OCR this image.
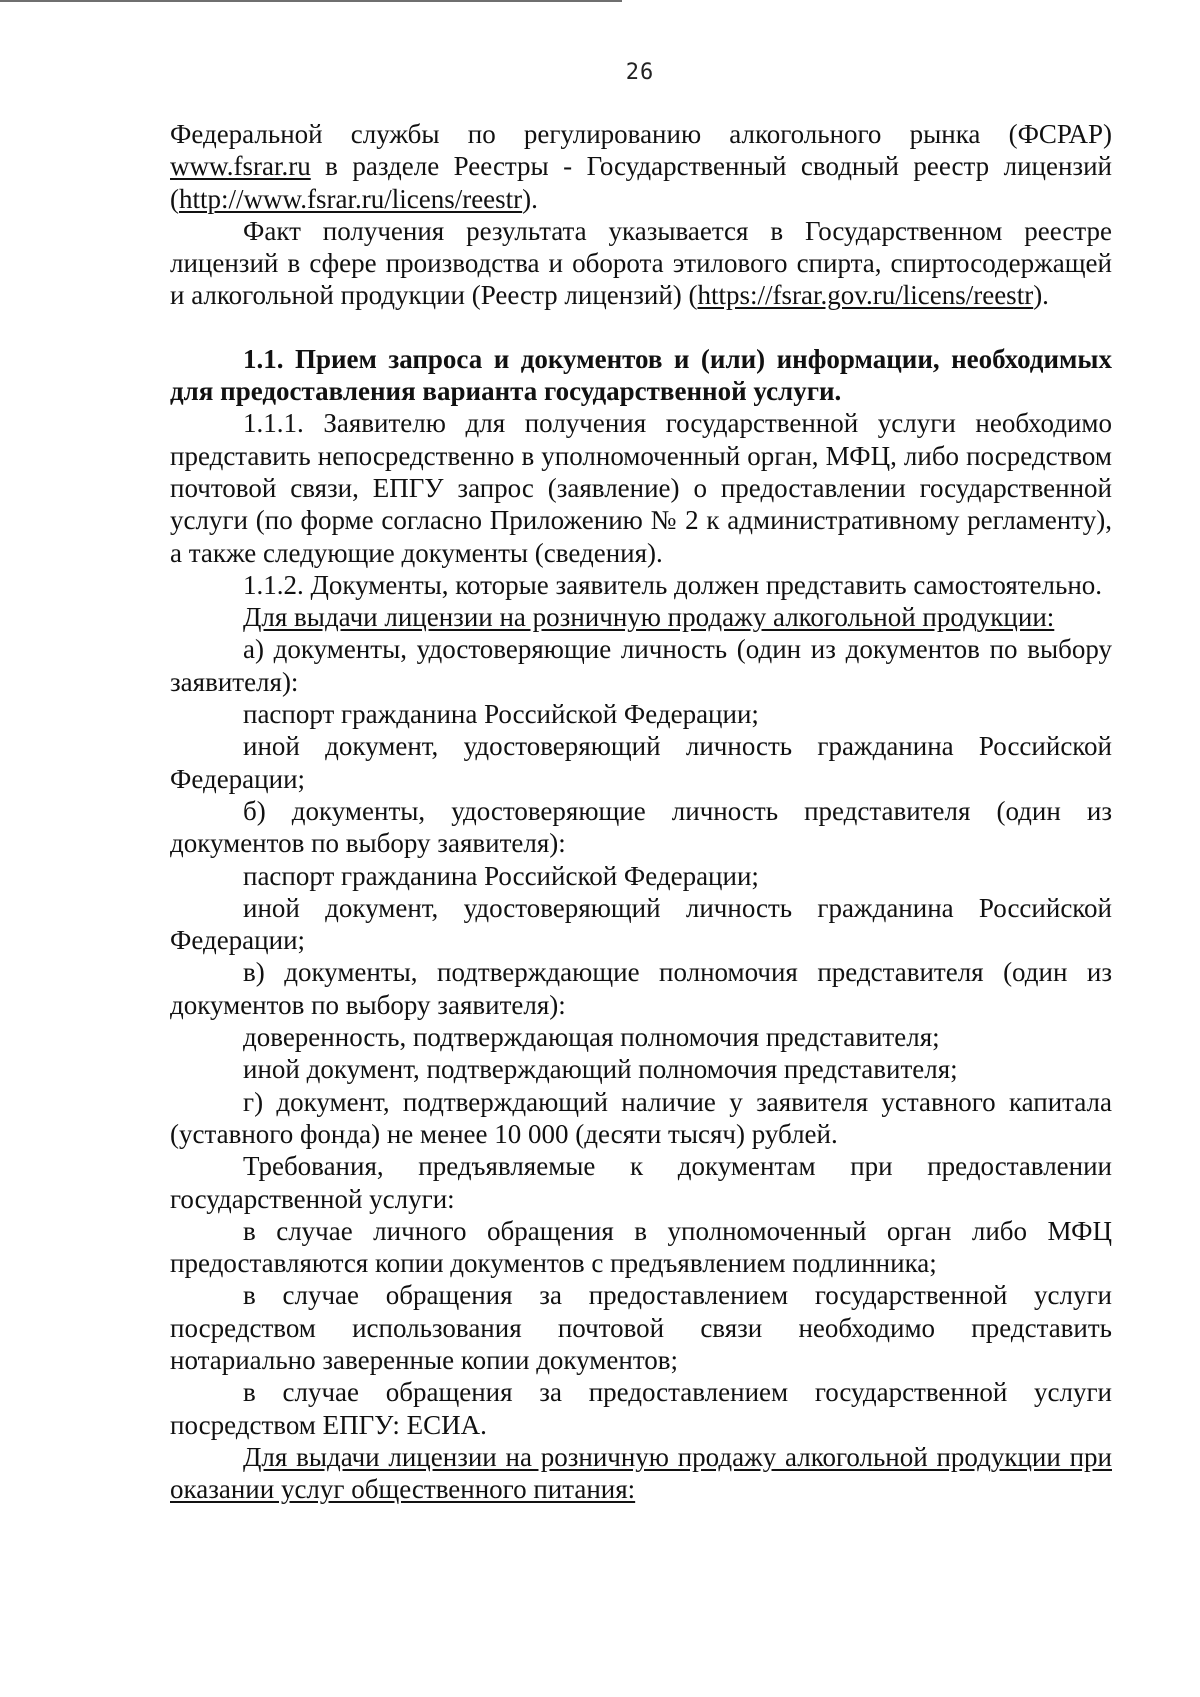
26

Федеральной службы по регулированию алкогольного рынка (ФСРАР) www.fsrar.ru в разделе Реестры - Государственный сводный реестр лицензий (http://www.fsrar.ru/licens/reestr).

Факт получения результата указывается в Государственном реестре лицензий в сфере производства и оборота этилового спирта, спиртосодержащей и алкогольной продукции (Реестр лицензий) (https://fsrar.gov.ru/licens/reestr).

1.1. Прием запроса и документов и (или) информации, необходимых для предоставления варианта государственной услуги.

1.1.1. Заявителю для получения государственной услуги необходимо представить непосредственно в уполномоченный орган, МФЦ, либо посредством почтовой связи, ЕПГУ запрос (заявление) о предоставлении государственной услуги (по форме согласно Приложению № 2 к административному регламенту), а также следующие документы (сведения).

1.1.2. Документы, которые заявитель должен представить самостоятельно.

Для выдачи лицензии на розничную продажу алкогольной продукции:

а) документы, удостоверяющие личность (один из документов по выбору заявителя):

паспорт гражданина Российской Федерации;

иной документ, удостоверяющий личность гражданина Российской Федерации;

б) документы, удостоверяющие личность представителя (один из документов по выбору заявителя):

паспорт гражданина Российской Федерации;

иной документ, удостоверяющий личность гражданина Российской Федерации;

в) документы, подтверждающие полномочия представителя (один из документов по выбору заявителя):

доверенность, подтверждающая полномочия представителя;

иной документ, подтверждающий полномочия представителя;

г) документ, подтверждающий наличие у заявителя уставного капитала (уставного фонда) не менее 10 000 (десяти тысяч) рублей.

Требования, предъявляемые к документам при предоставлении государственной услуги:

в случае личного обращения в уполномоченный орган либо МФЦ предоставляются копии документов с предъявлением подлинника;

в случае обращения за предоставлением государственной услуги посредством использования почтовой связи необходимо представить нотариально заверенные копии документов;

в случае обращения за предоставлением государственной услуги посредством ЕПГУ: ЕСИА.

Для выдачи лицензии на розничную продажу алкогольной продукции при оказании услуг общественного питания:
